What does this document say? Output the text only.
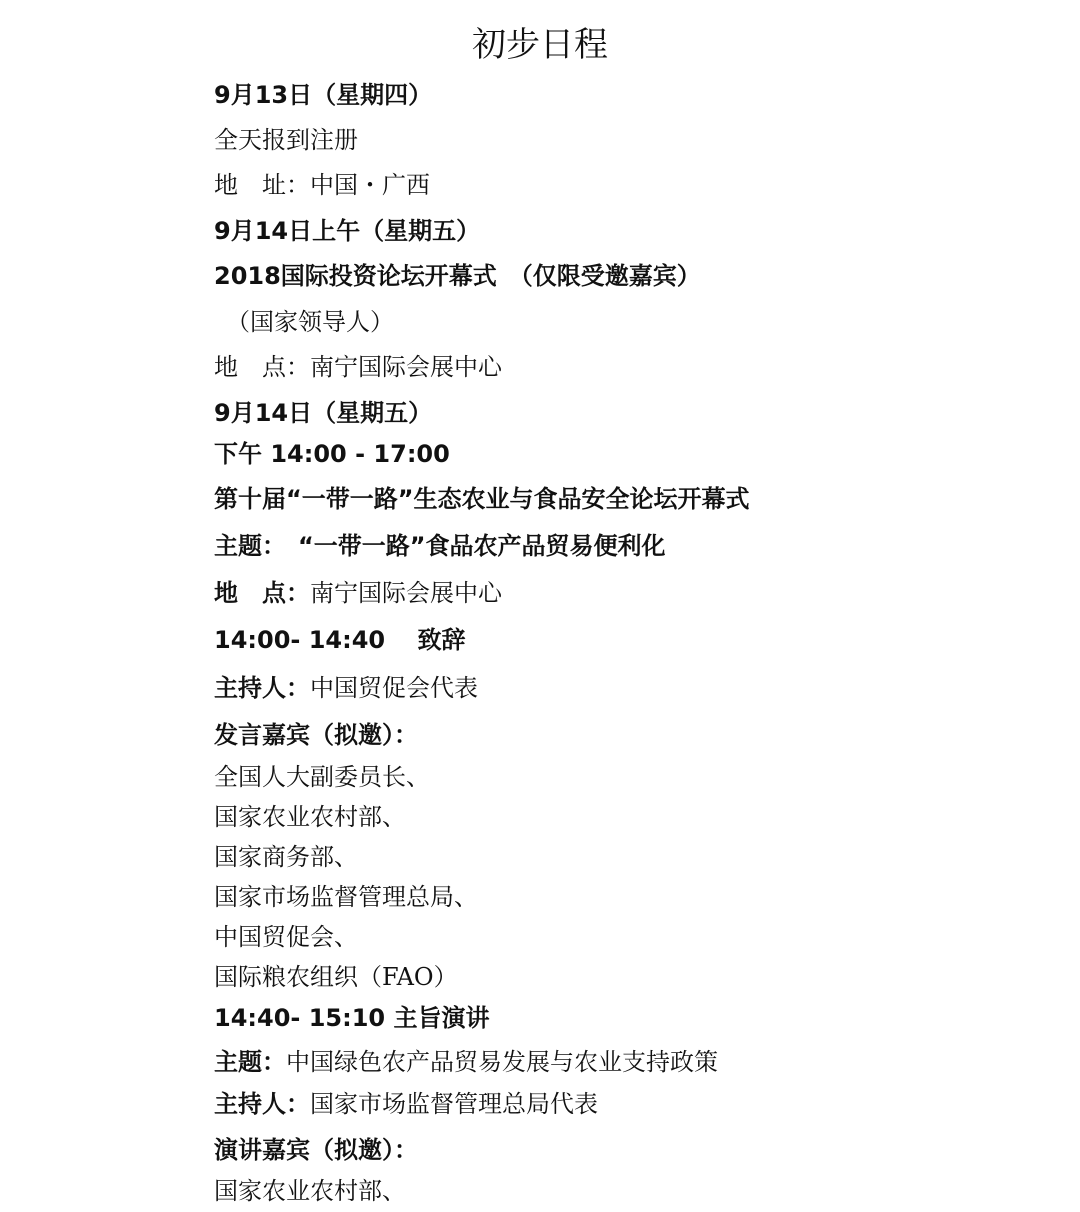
初步日程
9月13日（星期四）
全天报到注册
地　址：中国・广西
9月14日上午（星期五）
2018国际投资论坛开幕式　（仅限受邀嘉宾）
（国家领导人）
地　点：南宁国际会展中心
9月14日（星期五）
下午 14:00 - 17:00
第十届“一带一路”生态农业与食品安全论坛开幕式
主题：　“一带一路”食品农产品贸易便利化
地　点：南宁国际会展中心
14:00- 14:40　 致辞
主持人：中国贸促会代表
发言嘉宾（拟邀）：
全国人大副委员长、
国家农业农村部、
国家商务部、
国家市场监督管理总局、
中国贸促会、
国际粮农组织（FAO）
14:40- 15:10 主旨演讲
主题：中国绿色农产品贸易发展与农业支持政策
主持人：国家市场监督管理总局代表
演讲嘉宾（拟邀）：
国家农业农村部、
